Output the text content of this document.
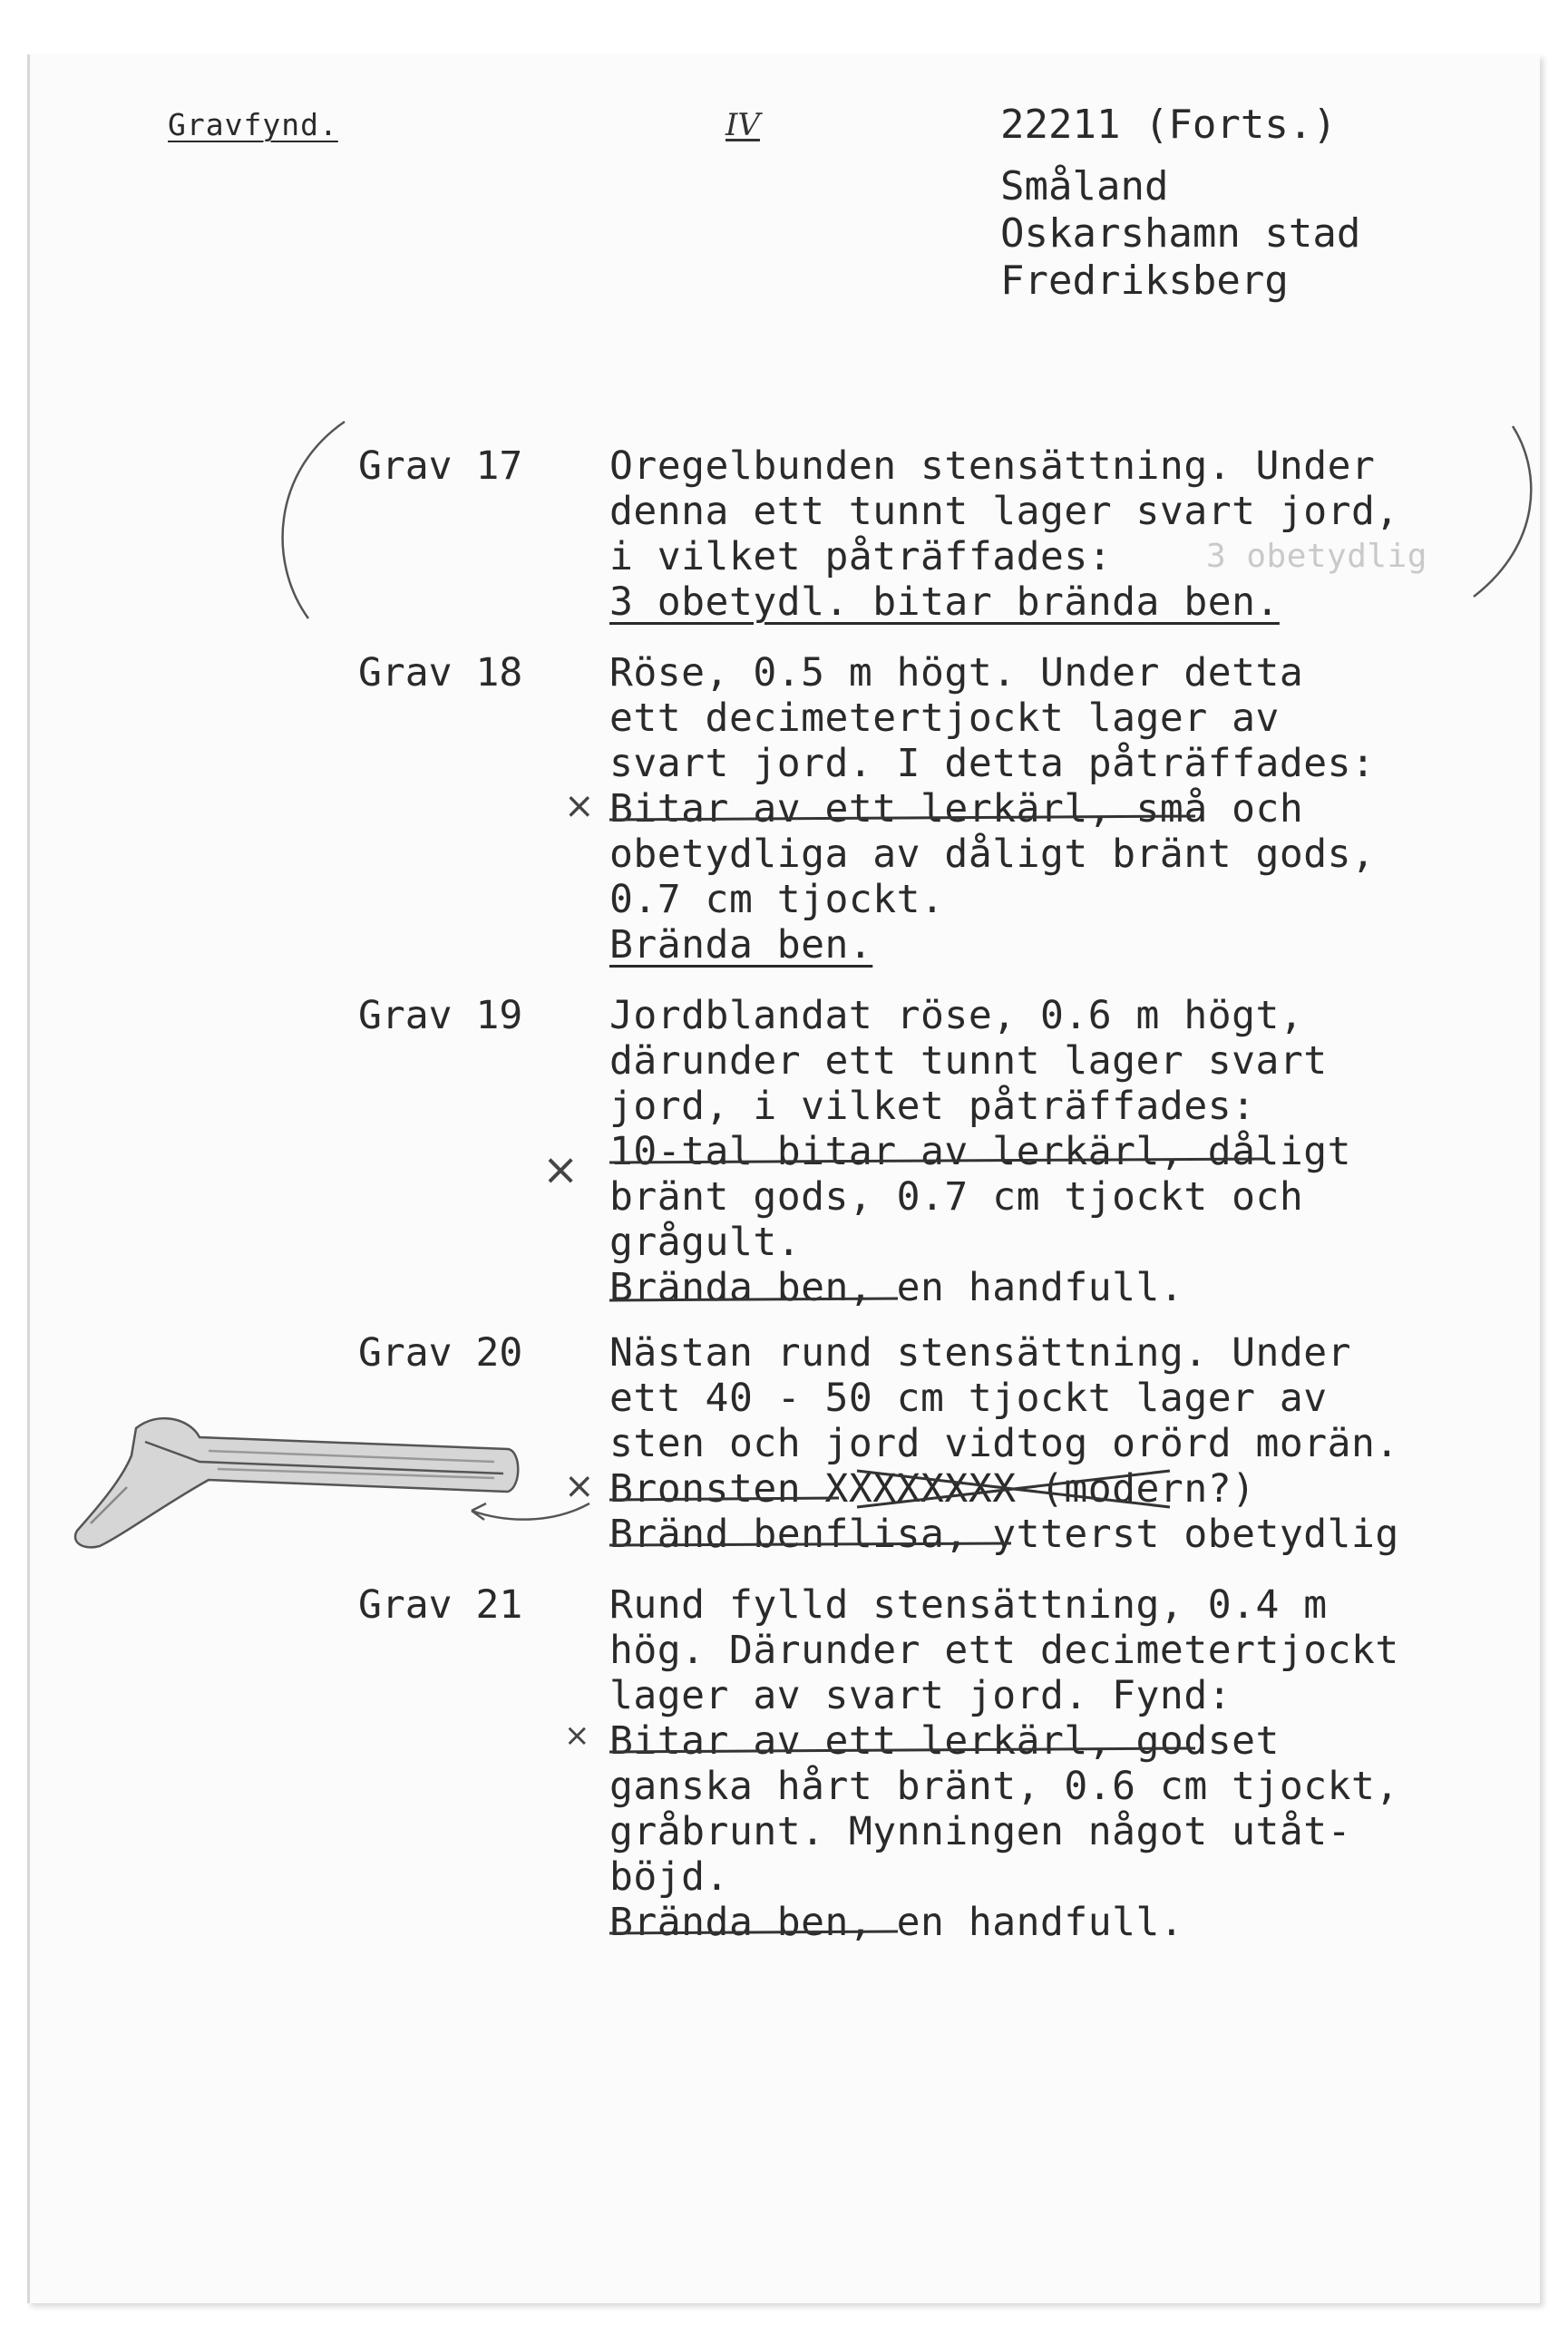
Gravfynd.	IV	22211 (Forts.)
Småland
Oskarshamn stad
Fredriksberg
Grav 17 Oregelbunden stensättning. Under
denna ett tunnt lager svart jord,
i vilket påträffades:	3 obetydlig
3 obetydl. bitar brända ben.
Grav 18 Röse, 0.5 m högt. Under detta
ett decimetertjockt lager av
svart jord. I detta påträffades:
× Bitar av ett lerkärl, små och
obetydliga av dåligt bränt gods,
0.7 cm tjockt.
Brända ben.
Grav 19 Jordblandat röse, 0.6 m högt,
därunder ett tunnt lager svart
jord, i vilket påträffades:
× 10-tal bitar av lerkärl, dåligt
bränt gods, 0.7 cm tjockt och
grågult.
Brända ben, en handfull.
Grav 20 Nästan rund stensättning. Under
ett 40 - 50 cm tjockt lager av
sten och jord vidtog orörd morän.
× Bronsten XXXXXXXX (modern?)
Bränd benflisa, ytterst obetydlig
Grav 21 Rund fylld stensättning, 0.4 m
hög. Därunder ett decimetertjockt
lager av svart jord. Fynd:
× Bitar av ett lerkärl, godset
ganska hårt bränt, 0.6 cm tjockt,
gråbrunt. Mynningen något utåt-
böjd.
Brända ben, en handfull.
